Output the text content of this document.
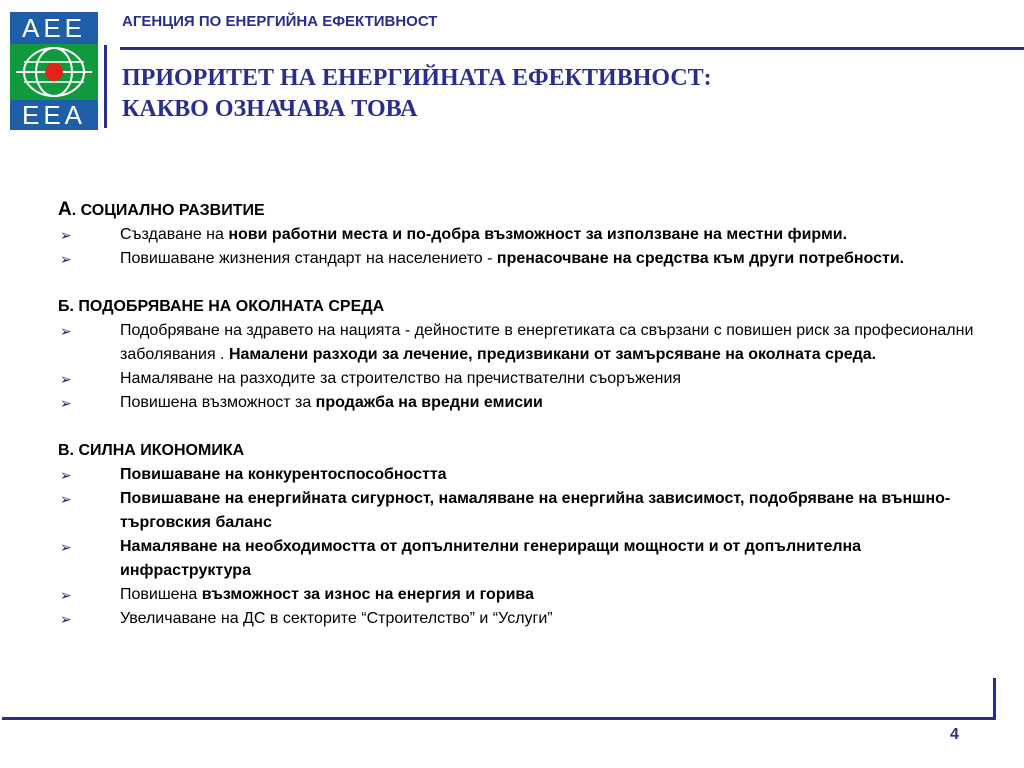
AEE
EEA
АГЕНЦИЯ ПО ЕНЕРГИЙНА ЕФЕКТИВНОСТ
ПРИОРИТЕТ НА ЕНЕРГИЙНАТА ЕФЕКТИВНОСТ:
КАКВО ОЗНАЧАВА ТОВА
А. СОЦИАЛНО РАЗВИТИЕ
➢	Създаване на нови работни места и по-добра възможност за използване на местни фирми.
➢	Повишаване жизнения стандарт на населението - пренасочване на средства към други потребности.
Б. ПОДОБРЯВАНЕ НА ОКОЛНАТА СРЕДА
➢	Подобряване на здравето на нацията - дейностите в енергетиката са свързани с повишен риск за професионални заболявания . Намалени разходи за лечение, предизвикани от замърсяване на околната среда.
➢	Намаляване на разходите за строителство на пречиствателни съоръжения
➢	Повишена възможност за продажба на вредни емисии
В. СИЛНА ИКОНОМИКА
➢	Повишаване на конкурентоспособността
➢	Повишаване на енергийната сигурност, намаляване на енергийна зависимост, подобряване на външно-търговския баланс
➢	Намаляване на необходимостта от допълнителни генериращи мощности и от допълнителна инфраструктура
➢	Повишена възможност за износ на енергия и горива
➢	Увеличаване на ДС в секторите “Строителство” и “Услуги”
4
